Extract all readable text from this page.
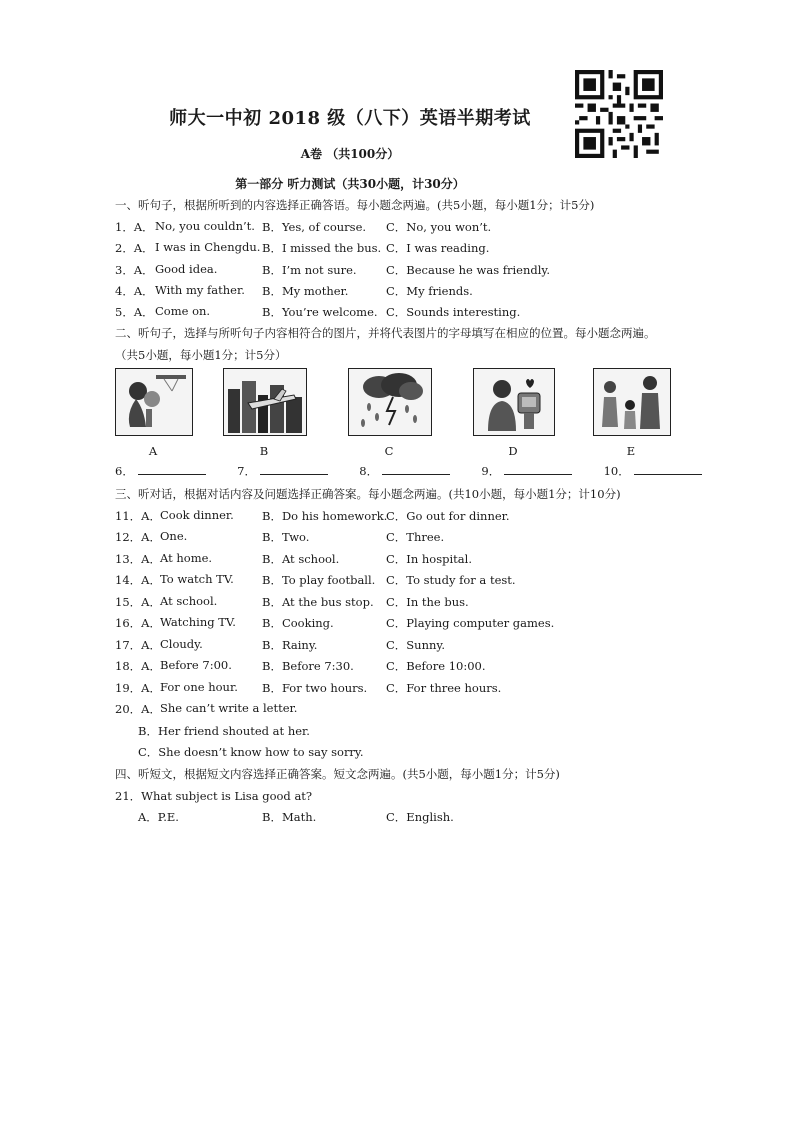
师大一中初 2018 级（八下）英语半期考试
A卷 （共100分）
第一部分 听力测试（共30小题，计30分）
一、听句子，根据所听到的内容选择正确答语。每小题念两遍。(共5小题，每小题1分；计5分)
1．A． No, you couldn’t. B．Yes, of course. C．No, you won’t.
2．A． I was in Chengdu. B．I missed the bus. C．I was reading.
3．A． Good idea.	B．I’m not sure.	C．Because he was friendly.
4．A． With my father. B．My mother.	C．My friends.
5．A． Come on.	B．You’re welcome. C．Sounds interesting.
二、听句子，选择与所听句子内容相符合的图片，并将代表图片的字母填写在相应的位置。每小题念两遍。
（共5小题，每小题1分；计5分）
A	B	C	D	E
6．	7．	8．	9．	10．
三、听对话，根据对话内容及问题选择正确答案。每小题念两遍。(共10小题，每小题1分；计10分)
11．A． Cook dinner. B．Do his homework.
C．Go out for dinner.
12．A． One.	B．Two.	C．Three.
13．A． At home.	B．At school.	C．In hospital.
14．A． To watch TV. B．To play football. C．To study for a test.
15．A． At school.	B．At the bus stop. C．In the bus.
16．A． Watching TV. B．Cooking.	C．Playing computer games.
17．A． Cloudy.	B．Rainy.	C．Sunny.
18．A． Before 7:00.	B．Before 7:30.	C．Before 10:00.
19．A． For one hour. B．For two hours. C．For three hours.
20．A． She can’t write a letter.
B．Her friend shouted at her.
C．She doesn’t know how to say sorry.
四、听短文，根据短文内容选择正确答案。短文念两遍。(共5小题，每小题1分；计5分)
21．What subject is Lisa good at?
A．P.E.	B．Math.	C．English.
